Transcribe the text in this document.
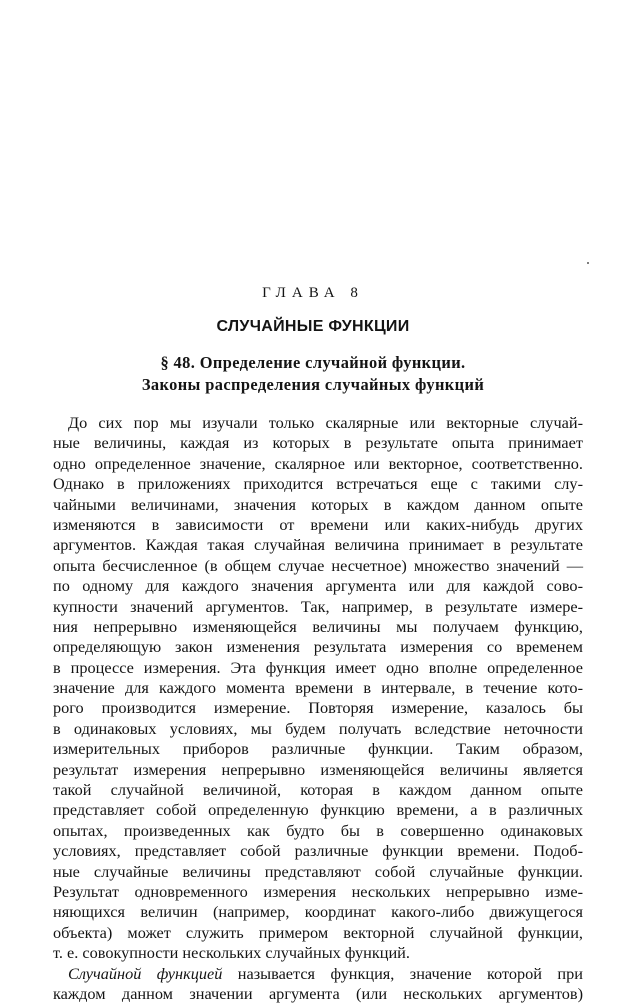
ГЛАВА 8
СЛУЧАЙНЫЕ ФУНКЦИИ
§ 48. Определение случайной функции.
Законы распределения случайных функций
До сих пор мы изучали только скалярные или векторные случай-
ные величины, каждая из которых в результате опыта принимает
одно определенное значение, скалярное или векторное, соответственно.
Однако в приложениях приходится встречаться еще с такими слу-
чайными величинами, значения которых в каждом данном опыте
изменяются в зависимости от времени или каких-нибудь других
аргументов. Каждая такая случайная величина принимает в результате
опыта бесчисленное (в общем случае несчетное) множество значений —
по одному для каждого значения аргумента или для каждой сово-
купности значений аргументов. Так, например, в результате измере-
ния непрерывно изменяющейся величины мы получаем функцию,
определяющую закон изменения результата измерения со временем
в процессе измерения. Эта функция имеет одно вполне определенное
значение для каждого момента времени в интервале, в течение кото-
рого производится измерение. Повторяя измерение, казалось бы
в одинаковых условиях, мы будем получать вследствие неточности
измерительных приборов различные функции. Таким образом,
результат измерения непрерывно изменяющейся величины является
такой случайной величиной, которая в каждом данном опыте
представляет собой определенную функцию времени, а в различных
опытах, произведенных как будто бы в совершенно одинаковых
условиях, представляет собой различные функции времени. Подоб-
ные случайные величины представляют собой случайные функции.
Результат одновременного измерения нескольких непрерывно изме-
няющихся величин (например, координат какого-либо движущегося
объекта) может служить примером векторной случайной функции,
т. е. совокупности нескольких случайных функций.
Случайной функцией называется функция, значение которой при
каждом данном значении аргумента (или нескольких аргументов)
